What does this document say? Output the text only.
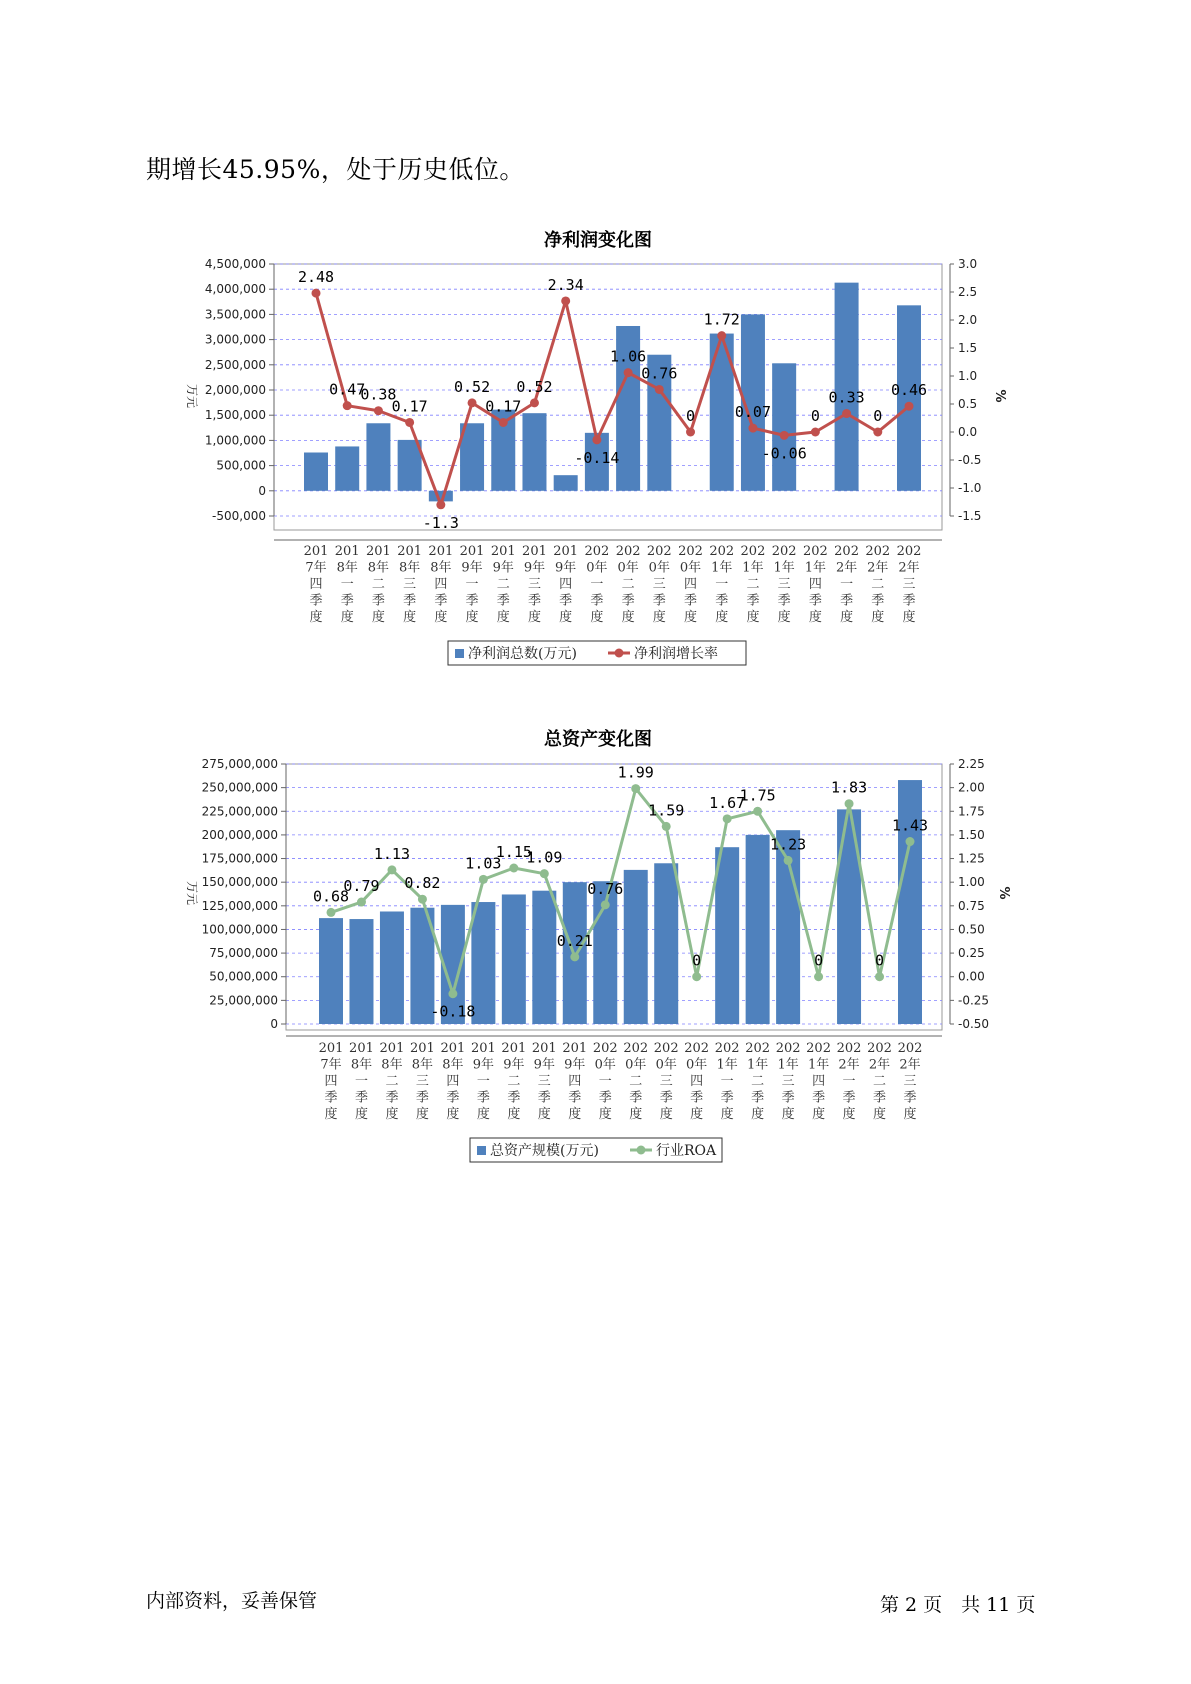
期增长45.95%，处于历史低位。
净利润变化图
-500,000
0
500,000
1,000,000
1,500,000
2,000,000
2,500,000
3,000,000
3,500,000
4,000,000
4,500,000
-1.5
-1.0
-0.5
0.0
0.5
1.0
1.5
2.0
2.5
3.0
万元	%
2.48
0.47
0.38
0.17
-1.3
0.52
0.17
0.52
2.34
-0.14
1.06
0.76
0
1.72
0.07
-0.06
0
0.33
0
0.46
201
7年
四
季
度
201
8年
一
季
度
201
8年
二
季
度
201
8年
三
季
度
201
8年
四
季
度
201
9年
一
季
度
201
9年
二
季
度
201
9年
三
季
度
201
9年
四
季
度
202
0年
一
季
度
202
0年
二
季
度
202
0年
三
季
度
202
0年
四
季
度
202
1年
一
季
度
202
1年
二
季
度
202
1年
三
季
度
202
1年
四
季
度
202
2年
一
季
度
202
2年
二
季
度
202
2年
三
季
度
净利润总数(万元)	净利润增长率
总资产变化图
0
25,000,000
50,000,000
75,000,000
100,000,000
125,000,000
150,000,000
175,000,000
200,000,000
225,000,000
250,000,000
275,000,000
-0.50
-0.25
0.00
0.25
0.50
0.75
1.00
1.25
1.50
1.75
2.00
2.25
万元	%
0.68
0.79
1.13
0.82
-0.18
1.03
1.15
1.09
0.21
0.76
1.99
1.59
0
1.67
1.75
1.23
0
1.83
0
1.43
201
7年
四
季
度
201
8年
一
季
度
201
8年
二
季
度
201
8年
三
季
度
201
8年
四
季
度
201
9年
一
季
度
201
9年
二
季
度
201
9年
三
季
度
201
9年
四
季
度
202
0年
一
季
度
202
0年
二
季
度
202
0年
三
季
度
202
0年
四
季
度
202
1年
一
季
度
202
1年
二
季
度
202
1年
三
季
度
202
1年
四
季
度
202
2年
一
季
度
202
2年
二
季
度
202
2年
三
季
度
总资产规模(万元)	行业ROA
内部资料，妥善保管	第 2 页　共 11 页
